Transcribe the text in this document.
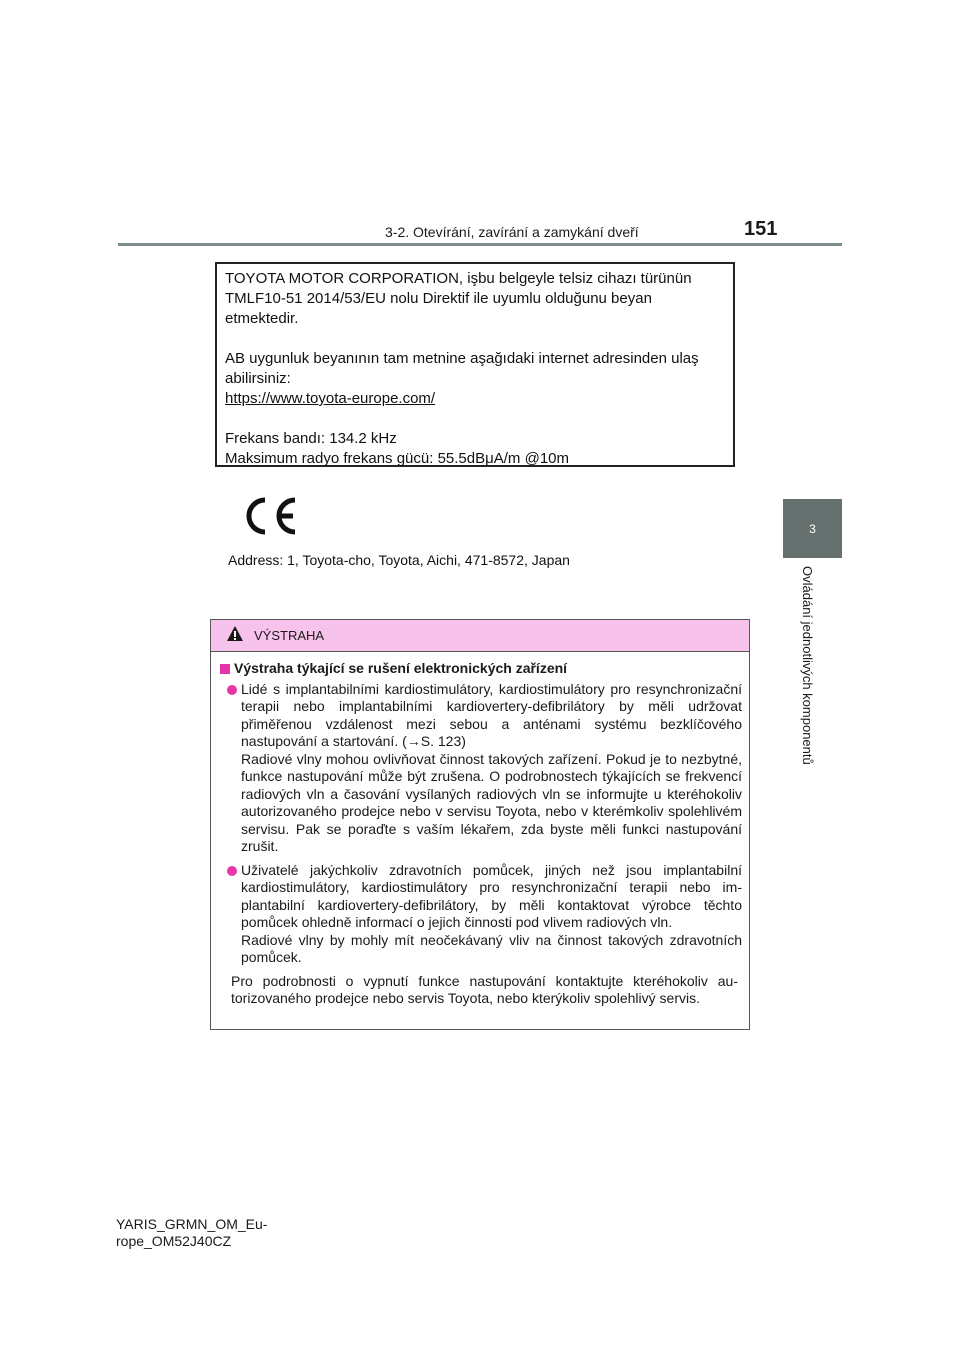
3-2. Otevírání, zavírání a zamykání dveří	151
3
Ovládání jednotlivých komponentů

TOYOTA MOTOR CORPORATION, işbu belgeyle telsiz cihazı türünün

TMLF10-51 2014/53/EU nolu Direktif ile uyumlu olduğunu beyan

etmektedir.

AB uygunluk beyanının tam metnine aşağıdaki internet adresinden ulaş

abilirsiniz:

https://www.toyota-europe.com/

Frekans bandı: 134.2 kHz

Maksimum radyo frekans gücü: 55.5dBμA/m @10m

Address: 1, Toyota-cho, Toyota, Aichi, 471-8572, Japan
VÝSTRAHA
Výstraha týkající se rušení elektronických zařízení

Lidé s implantabilními kardiostimulátory, kardiostimulátory pro resynchronizační terapii nebo implantabilními kardiovertery-defibrilátory by měli udržovat přiměřenou vzdálenost mezi sebou a anténami systému bezklíčového nastupování a startování. (→S. 123)

Radiové vlny mohou ovlivňovat činnost takových zařízení. Pokud je to nezbytné, funkce nastupování může být zrušena. O podrobnostech týkajících se frekvencí radiových vln a časování vysílaných radiových vln se informujte u kteréhokoliv autorizovaného prodejce nebo v servisu Toyota, nebo v kterémkoliv spolehlivém servisu. Pak se poraďte s vaším lékařem, zda byste měli funkci nastupování zrušit.

Uživatelé jakýchkoliv zdravotních pomůcek, jiných než jsou implantabilní kardiostimulátory, kardiostimulátory pro resynchronizační terapii nebo implantabilní kardiovertery-defibrilátory, by měli kontaktovat výrobce těchto pomůcek ohledně informací o jejich činnosti pod vlivem radiových vln.

Radiové vlny by mohly mít neočekávaný vliv na činnost takových zdravotních pomůcek.

Pro podrobnosti o vypnutí funkce nastupování kontaktujte kteréhokoliv autorizovaného prodejce nebo servis Toyota, nebo kterýkoliv spolehlivý servis.

YARIS_GRMN_OM_Eu-

rope_OM52J40CZ
